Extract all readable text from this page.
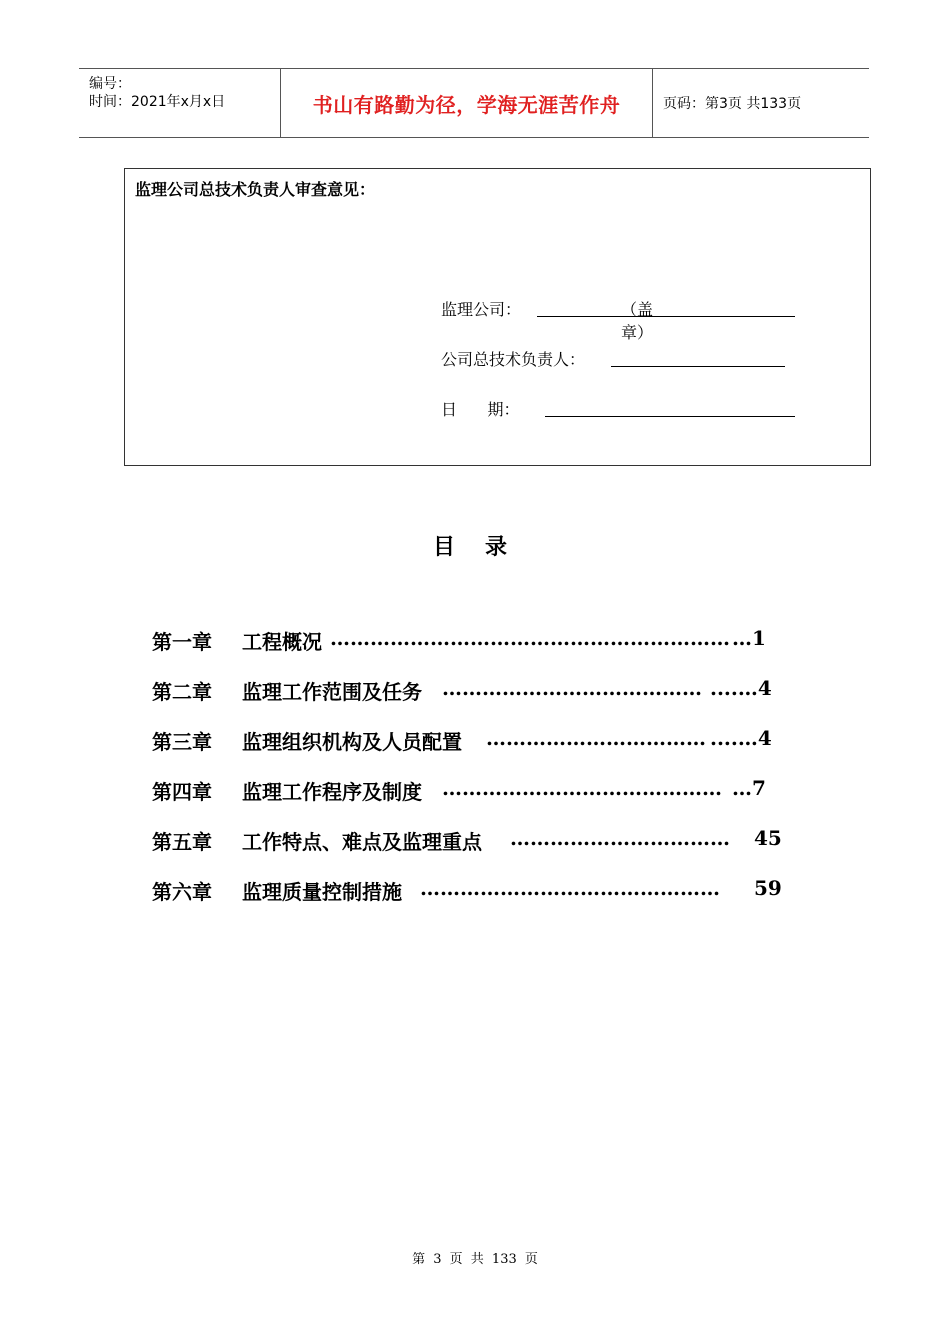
编号：
时间：2021年x月x日	书山有路勤为径，学海无涯苦作舟	页码：第3页 共133页
监理公司总技术负责人审查意见：
监理公司：	（盖章）
公司总技术负责人：
日      期：
目录
第一章 工程概况 …………………………………………………… …1
第二章 监理工作范围及任务 ………………………………… ....…4
第三章 监理组织机构及人员配置 …………………………… ....…4
第四章 监理工作程序及制度 …………………………………… …7
第五章 工作特点、难点及监理重点 ……………………………	45
第六章 监理质量控制措施 ………………………………………	59
第 3 页 共 133 页
